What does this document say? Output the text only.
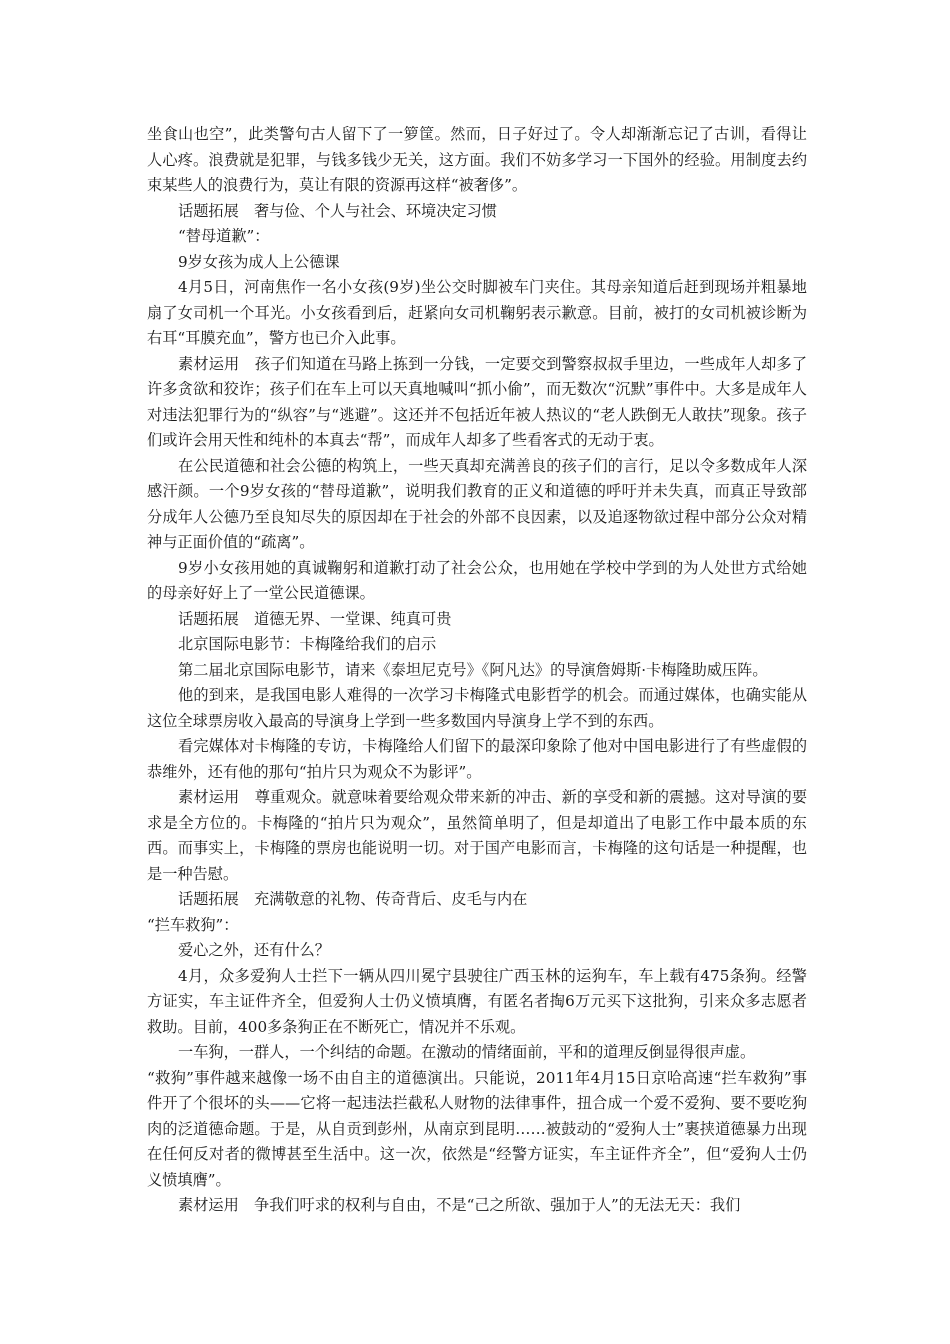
坐食山也空”，此类警句古人留下了一箩筐。然而，日子好过了。令人却渐渐忘记了古训，看得让人心疼。浪费就是犯罪，与钱多钱少无关，这方面。我们不妨多学习一下国外的经验。用制度去约束某些人的浪费行为，莫让有限的资源再这样“被奢侈”。

话题拓展　奢与俭、个人与社会、环境决定习惯

“替母道歉”：

9岁女孩为成人上公德课

4月5日，河南焦作一名小女孩(9岁)坐公交时脚被车门夹住。其母亲知道后赶到现场并粗暴地扇了女司机一个耳光。小女孩看到后，赶紧向女司机鞠躬表示歉意。目前，被打的女司机被诊断为右耳“耳膜充血”，警方也已介入此事。

素材运用　孩子们知道在马路上拣到一分钱，一定要交到警察叔叔手里边，一些成年人却多了许多贪欲和狡诈；孩子们在车上可以天真地喊叫“抓小偷”，而无数次“沉默”事件中。大多是成年人对违法犯罪行为的“纵容”与“逃避”。这还并不包括近年被人热议的“老人跌倒无人敢扶”现象。孩子们或许会用天性和纯朴的本真去“帮”，而成年人却多了些看客式的无动于衷。

在公民道德和社会公德的构筑上，一些天真却充满善良的孩子们的言行，足以令多数成年人深感汗颜。一个9岁女孩的“替母道歉”，说明我们教育的正义和道德的呼吁并未失真，而真正导致部分成年人公德乃至良知尽失的原因却在于社会的外部不良因素，以及追逐物欲过程中部分公众对精神与正面价值的“疏离”。

9岁小女孩用她的真诚鞠躬和道歉打动了社会公众，也用她在学校中学到的为人处世方式给她的母亲好好上了一堂公民道德课。

话题拓展　道德无界、一堂课、纯真可贵

北京国际电影节：卡梅隆给我们的启示

第二届北京国际电影节，请来《泰坦尼克号》《阿凡达》的导演詹姆斯·卡梅隆助威压阵。

他的到来，是我国电影人难得的一次学习卡梅隆式电影哲学的机会。而通过媒体，也确实能从这位全球票房收入最高的导演身上学到一些多数国内导演身上学不到的东西。

看完媒体对卡梅隆的专访，卡梅隆给人们留下的最深印象除了他对中国电影进行了有些虚假的恭维外，还有他的那句“拍片只为观众不为影评”。

素材运用　尊重观众。就意味着要给观众带来新的冲击、新的享受和新的震撼。这对导演的要求是全方位的。卡梅隆的“拍片只为观众”，虽然简单明了，但是却道出了电影工作中最本质的东西。而事实上，卡梅隆的票房也能说明一切。对于国产电影而言，卡梅隆的这句话是一种提醒，也是一种告慰。

话题拓展　充满敬意的礼物、传奇背后、皮毛与内在

“拦车救狗”：

爱心之外，还有什么？

4月，众多爱狗人士拦下一辆从四川冕宁县驶往广西玉林的运狗车，车上载有475条狗。经警方证实，车主证件齐全，但爱狗人士仍义愤填膺，有匿名者掏6万元买下这批狗，引来众多志愿者救助。目前，400多条狗正在不断死亡，情况并不乐观。

一车狗，一群人，一个纠结的命题。在激动的情绪面前，平和的道理反倒显得很声虚。

“救狗”事件越来越像一场不由自主的道德演出。只能说，2011年4月15日京哈高速“拦车救狗”事件开了个很坏的头——它将一起违法拦截私人财物的法律事件，扭合成一个爱不爱狗、要不要吃狗肉的泛道德命题。于是，从自贡到彭州，从南京到昆明……被鼓动的“爱狗人士”裹挟道德暴力出现在任何反对者的微博甚至生活中。这一次，依然是“经警方证实，车主证件齐全”，但“爱狗人士仍义愤填膺”。

素材运用　争我们吁求的权利与自由，不是“己之所欲、强加于人”的无法无天：我们
